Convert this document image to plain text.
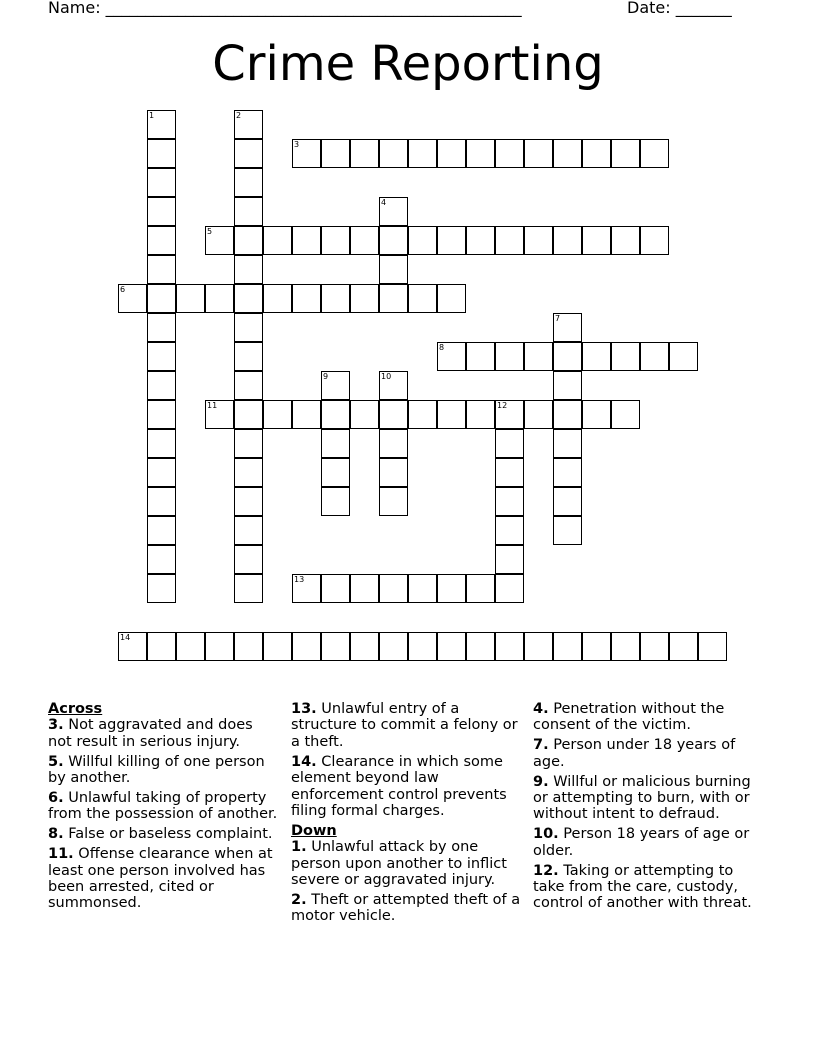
Name: ____________________________________________________	Date: _______
Crime Reporting
1	2
3
4
5
6
7
8
9	10
11	12
13
14
Across
3. Not aggravated and does not result in serious injury.
5. Willful killing of one person by another.
6. Unlawful taking of property from the possession of another.
8. False or baseless complaint.
11. Offense clearance when at least one person involved has been arrested, cited or summonsed.
13. Unlawful entry of a structure to commit a felony or a theft.
14. Clearance in which some element beyond law enforcement control prevents filing formal charges.
Down
1. Unlawful attack by one person upon another to inflict severe or aggravated injury.
2. Theft or attempted theft of a motor vehicle.
4. Penetration without the consent of the victim.
7. Person under 18 years of age.
9. Willful or malicious burning or attempting to burn, with or without intent to defraud.
10. Person 18 years of age or older.
12. Taking or attempting to take from the care, custody, control of another with threat.
